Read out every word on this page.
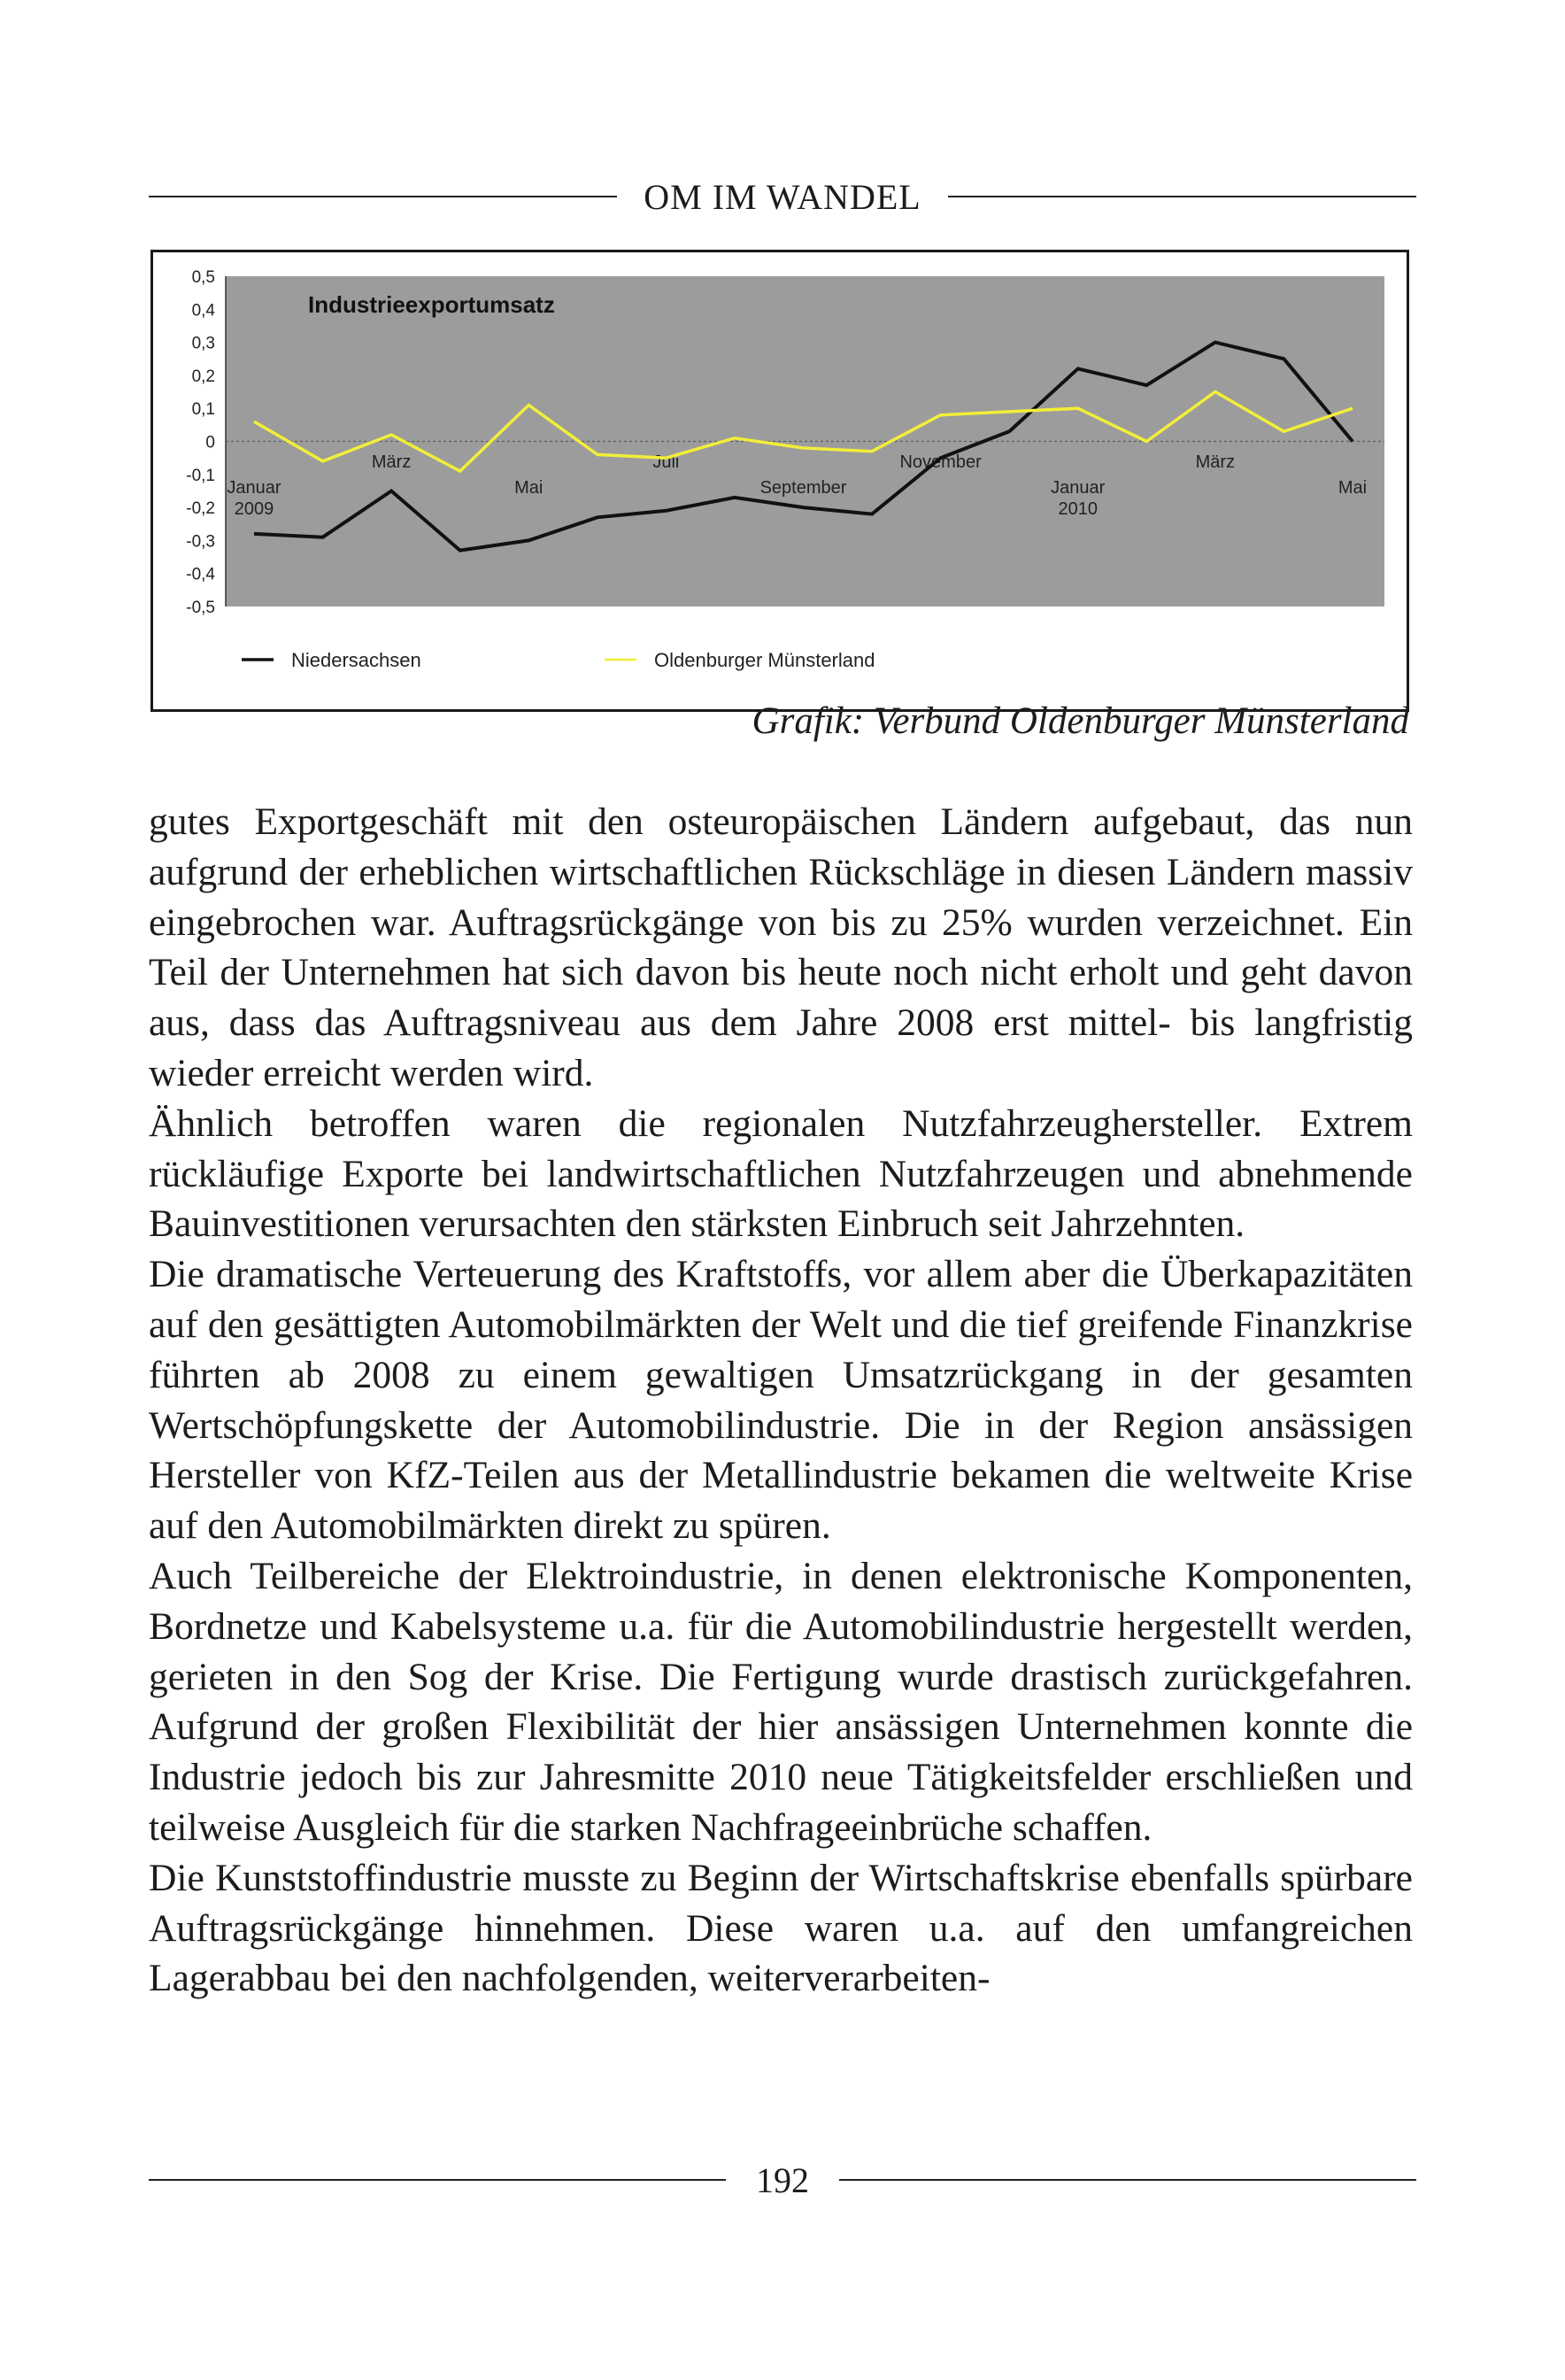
OM IM WANDEL
0,5
0,4
0,3
0,2
0,1
0
-0,1
-0,2
-0,3
-0,4
-0,5
Industrieexportumsatz
Januar
2009
März
Mai
Juli
September
November
Januar
2010
März
Mai
Niedersachsen	Oldenburger Münsterland
Grafik: Verbund Oldenburger Münsterland

gutes Exportgeschäft mit den osteuropäischen Ländern aufgebaut, das nun aufgrund der erheblichen wirtschaftlichen Rückschläge in diesen Ländern massiv eingebrochen war. Auftragsrückgänge von bis zu 25% wurden verzeichnet. Ein Teil der Unternehmen hat sich davon bis heute noch nicht erholt und geht davon aus, dass das Auftragsniveau aus dem Jahre 2008 erst mittel- bis langfristig wieder erreicht werden wird.

Ähnlich betroffen waren die regionalen Nutzfahrzeughersteller. Extrem rückläufige Exporte bei landwirtschaftlichen Nutzfahrzeugen und abnehmende Bauinvestitionen verursachten den stärksten Einbruch seit Jahrzehnten.

Die dramatische Verteuerung des Kraftstoffs, vor allem aber die Überkapazitäten auf den gesättigten Automobilmärkten der Welt und die tief greifende Finanzkrise führten ab 2008 zu einem gewaltigen Umsatzrückgang in der gesamten Wertschöpfungskette der Automobilindustrie. Die in der Region ansässigen Hersteller von KfZ-Teilen aus der Metallindustrie bekamen die weltweite Krise auf den Automobilmärkten direkt zu spüren.

Auch Teilbereiche der Elektroindustrie, in denen elektronische Komponenten, Bordnetze und Kabelsysteme u.a. für die Automobilindustrie hergestellt werden, gerieten in den Sog der Krise. Die Fertigung wurde drastisch zurückgefahren. Aufgrund der großen Flexibilität der hier ansässigen Unternehmen konnte die Industrie jedoch bis zur Jahresmitte 2010 neue Tätigkeitsfelder erschließen und teilweise Ausgleich für die starken Nachfrageeinbrüche schaffen.

Die Kunststoffindustrie musste zu Beginn der Wirtschaftskrise ebenfalls spürbare Auftragsrückgänge hinnehmen. Diese waren u.a. auf den umfangreichen Lagerabbau bei den nachfolgenden, weiterverarbeiten-

192
